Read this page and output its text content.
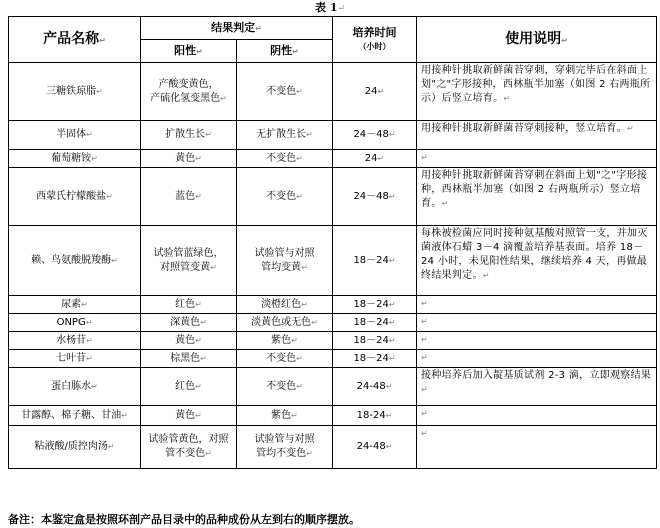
表 1↵
产品名称↵	结果判定↵		培养时间
（小时）	使用说明↵
	阳性↵	阴性↵		
三糖铁琼脂↵	产酸变黄色，
产硫化氢变黑色↵	不变色↵	24↵	用接种针挑取新鲜菌苔穿刺，穿刺完毕后在斜面上划"之"字形接种，西林瓶半加塞（如图 2 右两瓶所示）后竖立培育。↵
半固体↵	扩散生长↵	无扩散生长↵	24－48↵	用接种针挑取新鲜菌苔穿刺接种，竖立培育。↵
葡萄糖铵↵	黄色↵	不变色↵	24↵	↵
西蒙氏柠檬酸盐↵	蓝色↵	不变色↵	24－48↵	用接种针挑取新鲜菌苔穿刺在斜面上划"之"字形接种，西林瓶半加塞（如图 2 右两瓶所示）竖立培育。↵
赖、鸟氨酸脱羧酶↵	试验管蓝绿色，
对照管变黄↵	试验管与对照
管均变黄↵	18－24↵	每株被检菌应同时接种氨基酸对照管一支，并加灭菌液体石蜡 3－4 滴覆盖培养基表面。培养 18－24 小时，未见阳性结果，继续培养 4 天，再做最终结果判定。↵
尿素↵	红色↵	淡橙红色↵	18－24↵	↵
ONPG↵	深黄色↵	淡黄色或无色↵	18－24↵	↵
水杨苷↵	黄色↵	紫色↵	18－24↵	↵
七叶苷↵	棕黑色↵	不变色↵	18－24↵	↵
蛋白胨水↵	红色↵	不变色↵	24-48↵	接种培养后加入靛基质试剂 2-3 滴，立即观察结果↵
甘露醇、棉子糖、甘油↵	黄色↵	紫色↵	18-24↵	↵
粘液酸/质控肉汤↵	试验管黄色，对照
管不变色↵	试验管与对照
管均不变色↵	24-48↵	↵
备注：本鉴定盒是按照环剖产品目录中的品种成份从左到右的顺序摆放。
